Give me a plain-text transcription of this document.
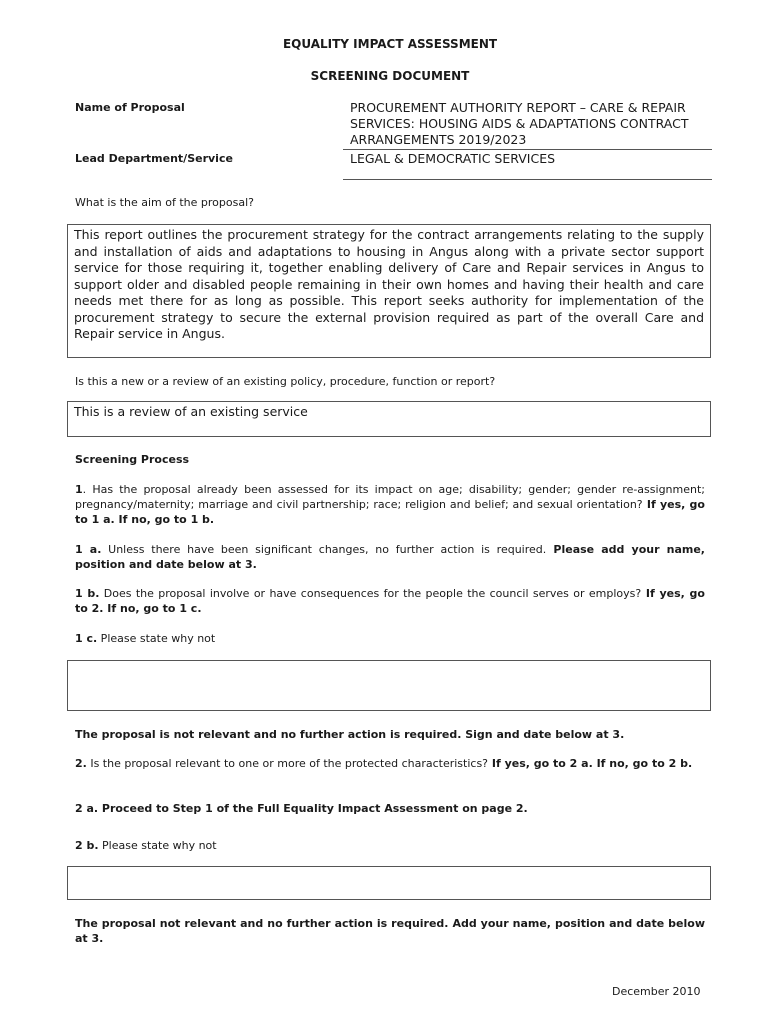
EQUALITY IMPACT ASSESSMENT
SCREENING DOCUMENT
Name of Proposal	PROCUREMENT AUTHORITY REPORT – CARE & REPAIR SERVICES: HOUSING AIDS & ADAPTATIONS CONTRACT ARRANGEMENTS 2019/2023
Lead Department/Service	LEGAL & DEMOCRATIC SERVICES
What is the aim of the proposal?
This report outlines the procurement strategy for the contract arrangements relating to the supply and installation of aids and adaptations to housing in Angus along with a private sector support service for those requiring it, together enabling delivery of Care and Repair services in Angus to support older and disabled people remaining in their own homes and having their health and care needs met there for as long as possible. This report seeks authority for implementation of the procurement strategy to secure the external provision required as part of the overall Care and Repair service in Angus.
Is this a new or a review of an existing policy, procedure, function or report?
This is a review of an existing service
Screening Process
1. Has the proposal already been assessed for its impact on age; disability; gender; gender re-assignment; pregnancy/maternity; marriage and civil partnership; race; religion and belief; and sexual orientation? If yes, go to 1 a. If no, go to 1 b.
1 a. Unless there have been significant changes, no further action is required. Please add your name, position and date below at 3.
1 b. Does the proposal involve or have consequences for the people the council serves or employs? If yes, go to 2. If no, go to 1 c.
1 c. Please state why not
The proposal is not relevant and no further action is required. Sign and date below at 3.
2. Is the proposal relevant to one or more of the protected characteristics? If yes, go to 2 a. If no, go to 2 b.
2 a. Proceed to Step 1 of the Full Equality Impact Assessment on page 2.
2 b. Please state why not
The proposal not relevant and no further action is required. Add your name, position and date below at 3.
December 2010
